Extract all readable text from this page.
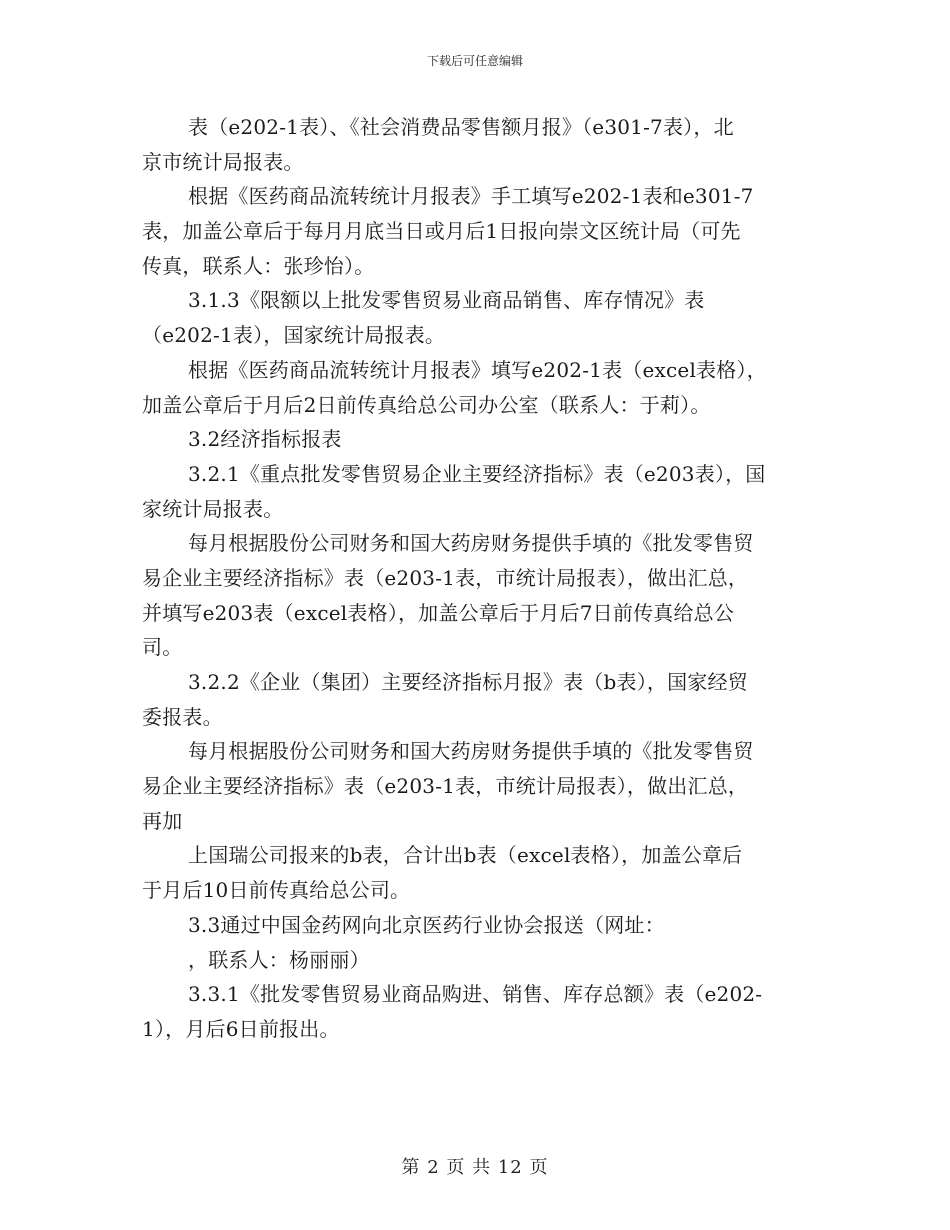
下载后可任意编辑
表（e202-1表）、《社会消费品零售额月报》（e301-7表），北
京市统计局报表。
根据《医药商品流转统计月报表》手工填写e202-1表和e301-7
表，加盖公章后于每月月底当日或月后1日报向崇文区统计局（可先
传真，联系人：张珍怡）。
3.1.3《限额以上批发零售贸易业商品销售、库存情况》表
（e202-1表），国家统计局报表。
根据《医药商品流转统计月报表》填写e202-1表（excel表格），
加盖公章后于月后2日前传真给总公司办公室（联系人：于莉）。
3.2经济指标报表
3.2.1《重点批发零售贸易企业主要经济指标》表（e203表），国
家统计局报表。
每月根据股份公司财务和国大药房财务提供手填的《批发零售贸
易企业主要经济指标》表（e203-1表，市统计局报表），做出汇总，
并填写e203表（excel表格），加盖公章后于月后7日前传真给总公
司。
3.2.2《企业（集团）主要经济指标月报》表（b表），国家经贸
委报表。
每月根据股份公司财务和国大药房财务提供手填的《批发零售贸
易企业主要经济指标》表（e203-1表，市统计局报表），做出汇总，
再加
上国瑞公司报来的b表，合计出b表（excel表格），加盖公章后
于月后10日前传真给总公司。
3.3通过中国金药网向北京医药行业协会报送（网址：
，联系人：杨丽丽）
3.3.1《批发零售贸易业商品购进、销售、库存总额》表（e202-
1），月后6日前报出。
第 2 页 共 12 页
